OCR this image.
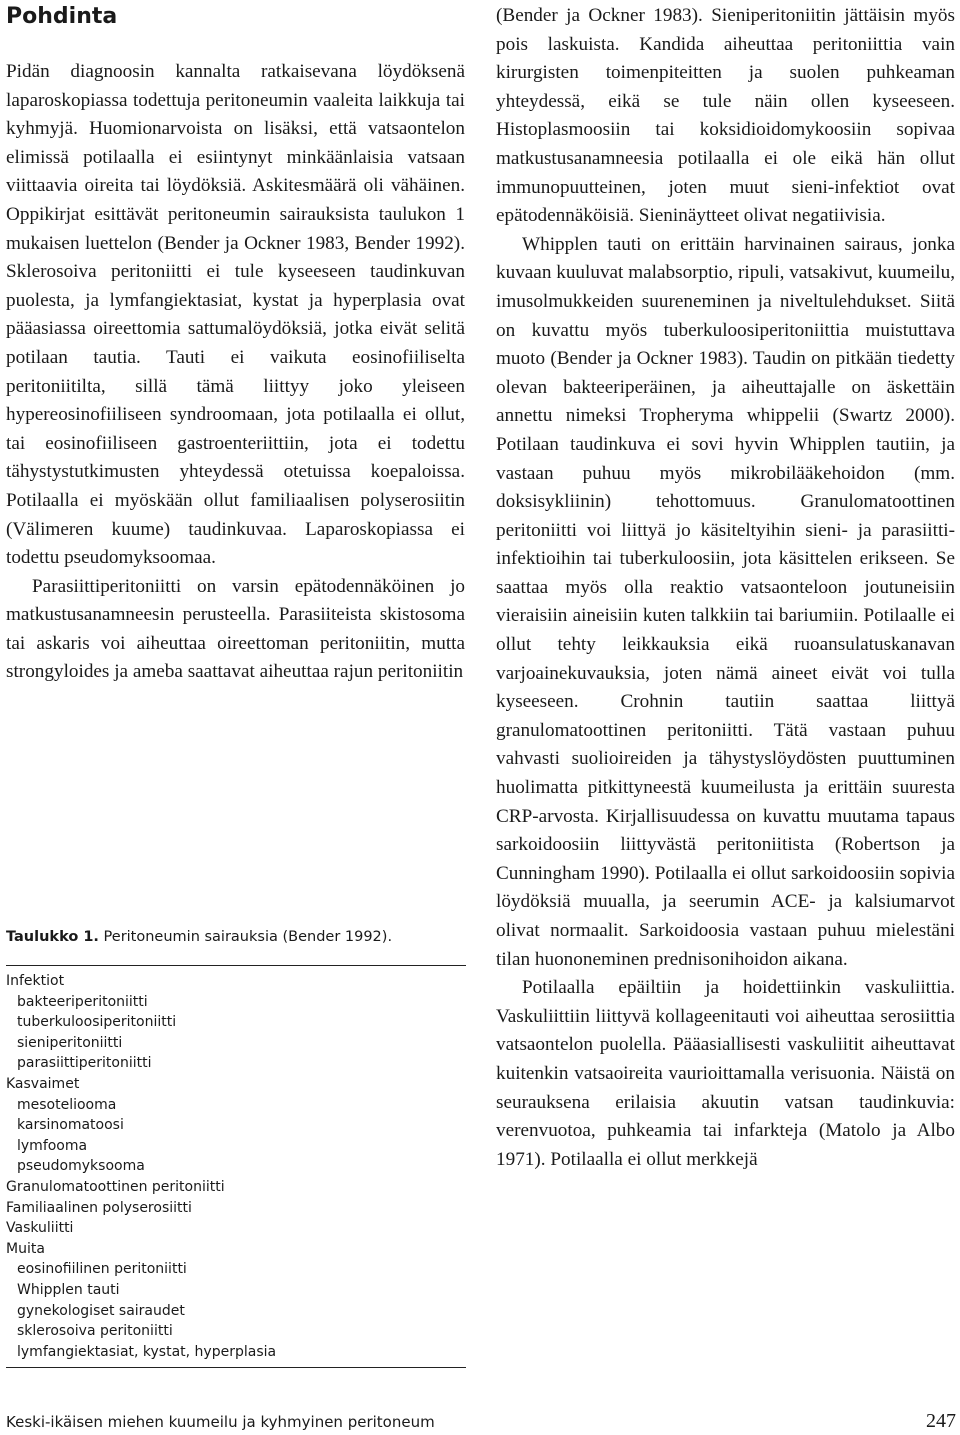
Pohdinta

Pidän diagnoosin kannalta ratkaisevana löydöksenä laparoskopiassa todettuja peritoneumin vaaleita laikkuja tai kyhmyjä. Huomionarvoista on lisäksi, että vatsaontelon elimissä potilaalla ei esiintynyt minkäänlaisia vatsaan viittaavia oireita tai löydöksiä. Askitesmäärä oli vähäinen. Oppikirjat esittävät peritoneumin sairauksista taulukon 1 mukaisen luettelon (Bender ja Ockner 1983, Bender 1992). Sklerosoiva peritoniitti ei tule kyseeseen taudinkuvan puolesta, ja lymfangiektasiat, kystat ja hyperplasia ovat pääasiassa oireettomia sattumalöydöksiä, jotka eivät selitä potilaan tautia. Tauti ei vaikuta eosinofiiliselta peritoniitilta, sillä tämä liittyy joko yleiseen hypereosinofiiliseen syndroomaan, jota potilaalla ei ollut, tai eosinofiiliseen gastroenteriittiin, jota ei todettu tähystystutkimusten yhteydessä otetuissa koepaloissa. Potilaalla ei myöskään ollut familiaalisen polyserosiitin (Välimeren kuume) taudinkuvaa. Laparoskopiassa ei todettu pseudomyksoomaa.

Parasiittiperitoniitti on varsin epätodennäköinen jo matkustusanamneesin perusteella. Parasiiteista skistosoma tai askaris voi aiheuttaa oireettoman peritoniitin, mutta strongyloides ja ameba saattavat aiheuttaa rajun peritoniitin

(Bender ja Ockner 1983). Sieniperitoniitin jättäisin myös pois laskuista. Kandida aiheuttaa peritoniittia vain kirurgisten toimenpiteitten ja suolen puhkeaman yhteydessä, eikä se tule näin ollen kyseeseen. Histoplasmoosiin tai koksidioidomykoosiin sopivaa matkustusanamneesia potilaalla ei ole eikä hän ollut immunopuutteinen, joten muut sieni-infektiot ovat epätodennäköisiä. Sieninäytteet olivat negatiivisia.

Whipplen tauti on erittäin harvinainen sairaus, jonka kuvaan kuuluvat malabsorptio, ripuli, vatsakivut, kuumeilu, imusolmukkeiden suureneminen ja niveltulehdukset. Siitä on kuvattu myös tuberkuloosiperitoniittia muistuttava muoto (Bender ja Ockner 1983). Taudin on pitkään tiedetty olevan bakteeriperäinen, ja aiheuttajalle on äskettäin annettu nimeksi Tropheryma whippelii (Swartz 2000). Potilaan taudinkuva ei sovi hyvin Whipplen tautiin, ja vastaan puhuu myös mikrobilääkehoidon (mm. doksisykliinin) tehottomuus. Granulomatoottinen peritoniitti voi liittyä jo käsiteltyihin sieni- ja parasiitti-infektioihin tai tuberkuloosiin, jota käsittelen erikseen. Se saattaa myös olla reaktio vatsaonteloon joutuneisiin vieraisiin aineisiin kuten talkkiin tai bariumiin. Potilaalle ei ollut tehty leikkauksia eikä ruoansulatuskanavan varjoainekuvauksia, joten nämä aineet eivät voi tulla kyseeseen. Crohnin tautiin saattaa liittyä granulomatoottinen peritoniitti. Tätä vastaan puhuu vahvasti suolioireiden ja tähystyslöydösten puuttuminen huolimatta pitkittyneestä kuumeilusta ja erittäin suuresta CRP-arvosta. Kirjallisuudessa on kuvattu muutama tapaus sarkoidoosiin liittyvästä peritoniitista (Robertson ja Cunningham 1990). Potilaalla ei ollut sarkoidoosiin sopivia löydöksiä muualla, ja seerumin ACE- ja kalsiumarvot olivat normaalit. Sarkoidoosia vastaan puhuu mielestäni tilan huononeminen prednisonihoidon aikana.

Potilaalla epäiltiin ja hoidettiinkin vaskuliittia. Vaskuliittiin liittyvä kollageenitauti voi aiheuttaa serosiittia vatsaontelon puolella. Pääasiallisesti vaskuliitit aiheuttavat kuitenkin vatsaoireita vaurioittamalla verisuonia. Näistä on seurauksena erilaisia akuutin vatsan taudinkuvia: verenvuotoa, puhkeamia tai infarkteja (Matolo ja Albo 1971). Potilaalla ei ollut merkkejä

Taulukko 1. Peritoneumin sairauksia (Bender 1992).

Infektiot
bakteeriperitoniitti
tuberkuloosiperitoniitti
sieniperitoniitti
parasiittiperitoniitti
Kasvaimet
mesoteliooma
karsinomatoosi
lymfooma
pseudomyksooma
Granulomatoottinen peritoniitti
Familiaalinen polyserosiitti
Vaskuliitti
Muita
eosinofiilinen peritoniitti
Whipplen tauti
gynekologiset sairaudet
sklerosoiva peritoniitti
lymfangiektasiat, kystat, hyperplasia

Keski-ikäisen miehen kuumeilu ja kyhmyinen peritoneum	247
